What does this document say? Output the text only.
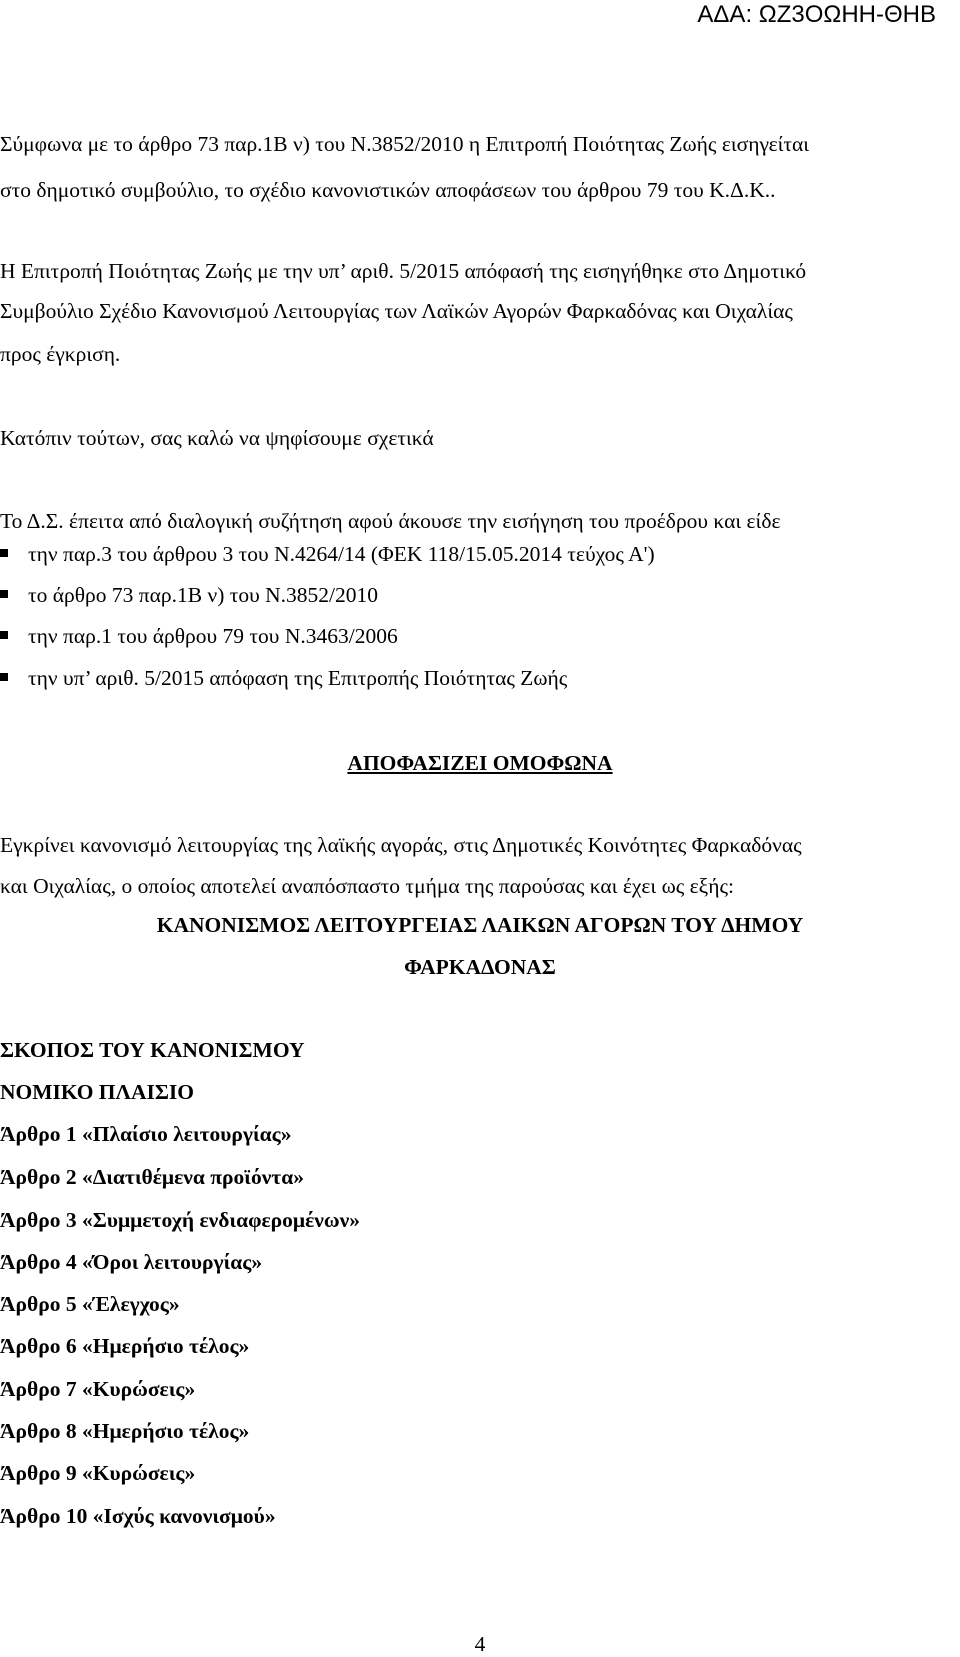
ΑΔΑ: ΩΖ3ΟΩΗΗ-ΘΗΒ
Σύμφωνα με το άρθρο 73 παρ.1Β ν) του Ν.3852/2010 η Επιτροπή Ποιότητας Ζωής εισηγείται
στο δημοτικό συμβούλιο, το σχέδιο κανονιστικών αποφάσεων του άρθρου 79 του Κ.Δ.Κ..
Η Επιτροπή Ποιότητας Ζωής με την υπ’ αριθ. 5/2015 απόφασή της εισηγήθηκε στο Δημοτικό
Συμβούλιο Σχέδιο Κανονισμού Λειτουργίας των Λαϊκών Αγορών Φαρκαδόνας και Οιχαλίας
προς έγκριση.
Κατόπιν τούτων, σας καλώ να ψηφίσουμε σχετικά
Το Δ.Σ. έπειτα από διαλογική συζήτηση αφού άκουσε την εισήγηση του προέδρου και είδε
την παρ.3 του άρθρου 3 του Ν.4264/14 (ΦΕΚ 118/15.05.2014 τεύχος Α')
το άρθρο 73 παρ.1Β ν) του Ν.3852/2010
την παρ.1 του άρθρου 79 του Ν.3463/2006
την υπ’ αριθ. 5/2015 απόφαση της Επιτροπής Ποιότητας Ζωής
ΑΠΟΦΑΣΙΖΕΙ ΟΜΟΦΩΝΑ
Εγκρίνει κανονισμό λειτουργίας της λαϊκής αγοράς, στις Δημοτικές Κοινότητες Φαρκαδόνας
και Οιχαλίας, ο οποίος αποτελεί αναπόσπαστο τμήμα της παρούσας και έχει ως εξής:
ΚΑΝΟΝΙΣΜΟΣ ΛΕΙΤΟΥΡΓΕΙΑΣ ΛΑΙΚΩΝ ΑΓΟΡΩΝ ΤΟΥ ΔΗΜΟΥ
ΦΑΡΚΑΔΟΝΑΣ
ΣΚΟΠΟΣ ΤΟΥ ΚΑΝΟΝΙΣΜΟΥ
ΝΟΜΙΚΟ ΠΛΑΙΣΙΟ
Άρθρο 1 «Πλαίσιο λειτουργίας»
Άρθρο 2 «Διατιθέμενα προϊόντα»
Άρθρο 3 «Συμμετοχή ενδιαφερομένων»
Άρθρο 4 «Όροι λειτουργίας»
Άρθρο 5 «Έλεγχος»
Άρθρο 6 «Ημερήσιο τέλος»
Άρθρο 7 «Κυρώσεις»
Άρθρο 8 «Ημερήσιο τέλος»
Άρθρο 9 «Κυρώσεις»
Άρθρο 10 «Ισχύς κανονισμού»
4
